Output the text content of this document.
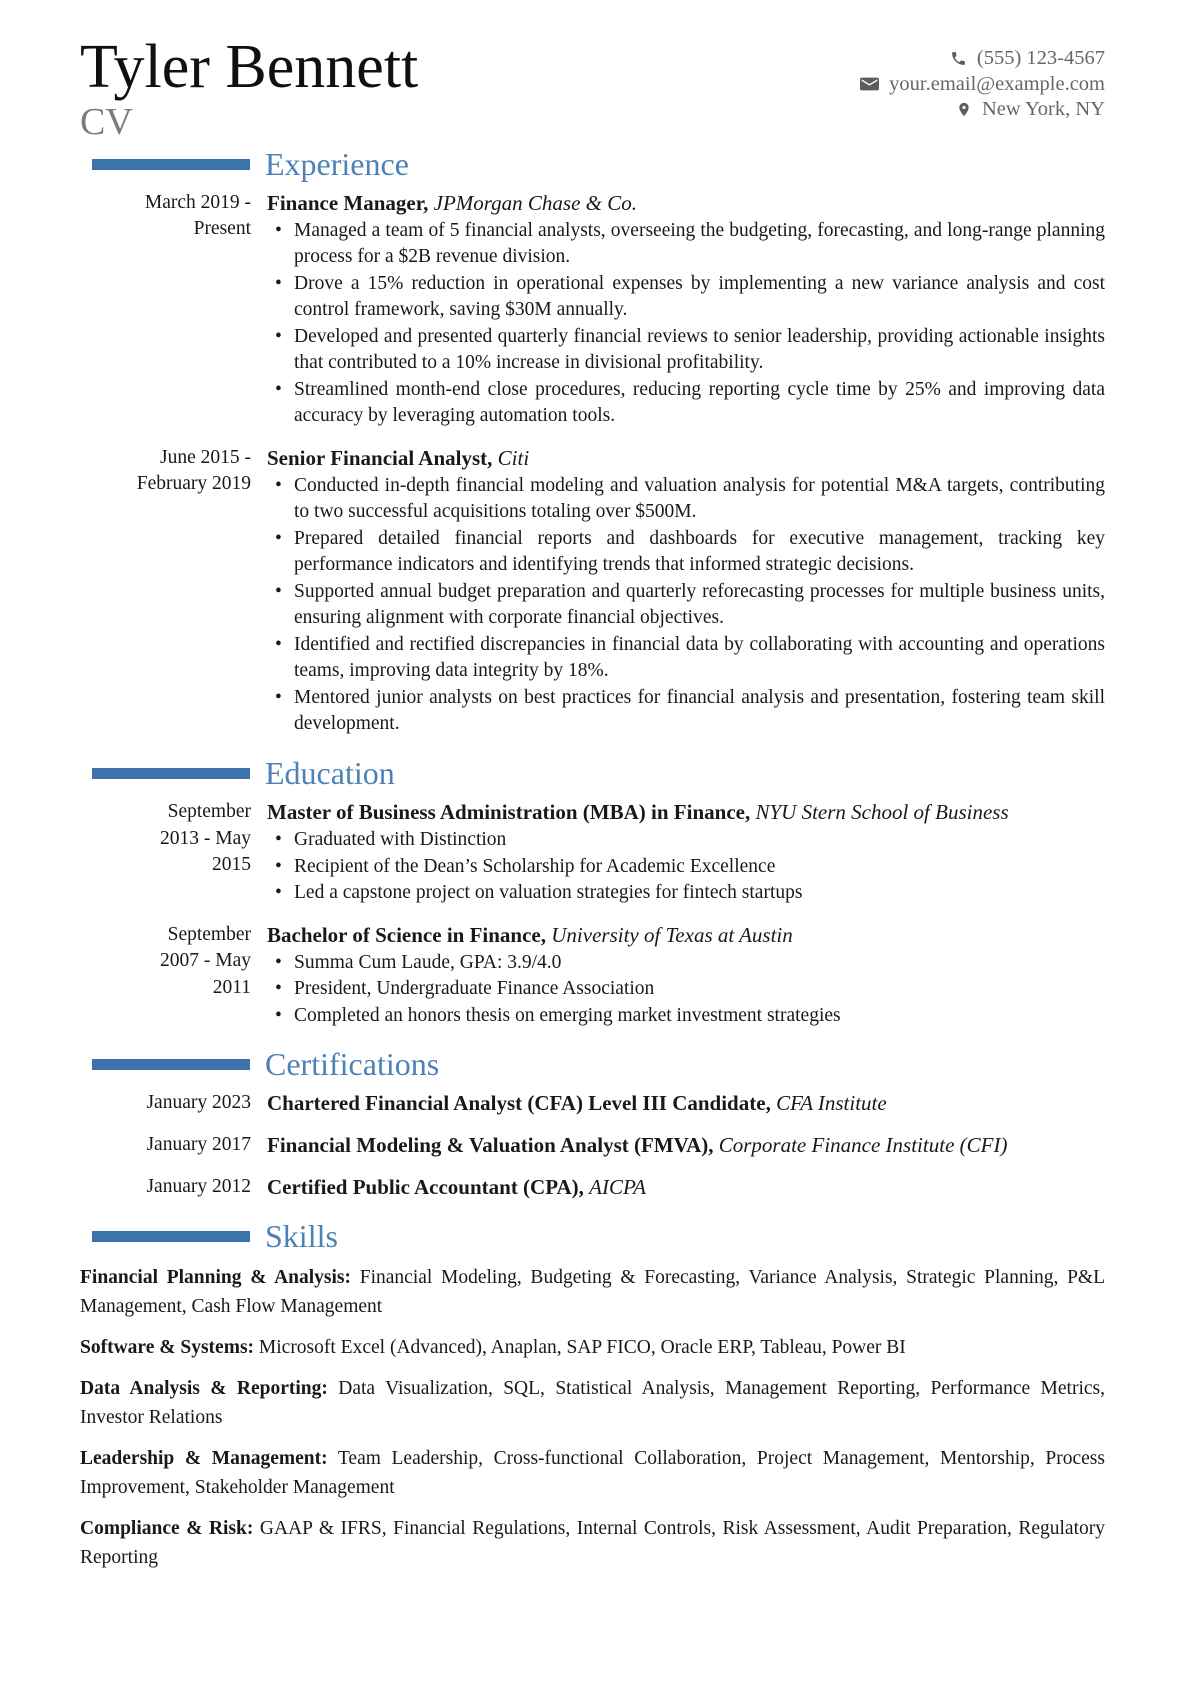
Tyler Bennett
CV
(555) 123-4567
your.email@example.com
New York, NY
Experience
March 2019 - Present

Finance Manager, JPMorgan Chase & Co.

• Managed a team of 5 financial analysts, overseeing the budgeting, forecasting, and long-range planning process for a $2B revenue division.
• Drove a 15% reduction in operational expenses by implementing a new variance analysis and cost control framework, saving $30M annually.
• Developed and presented quarterly financial reviews to senior leadership, providing actionable insights that contributed to a 10% increase in divisional profitability.
• Streamlined month-end close procedures, reducing reporting cycle time by 25% and improving data accuracy by leveraging automation tools.
June 2015 - February 2019

Senior Financial Analyst, Citi

• Conducted in-depth financial modeling and valuation analysis for potential M&A targets, contributing to two successful acquisitions totaling over $500M.
• Prepared detailed financial reports and dashboards for executive management, tracking key performance indicators and identifying trends that informed strategic decisions.
• Supported annual budget preparation and quarterly reforecasting processes for multiple business units, ensuring alignment with corporate financial objectives.
• Identified and rectified discrepancies in financial data by collaborating with accounting and operations teams, improving data integrity by 18%.
• Mentored junior analysts on best practices for financial analysis and presentation, fostering team skill development.
Education
September 2013 - May 2015

Master of Business Administration (MBA) in Finance, NYU Stern School of Business

• Graduated with Distinction
• Recipient of the Dean’s Scholarship for Academic Excellence
• Led a capstone project on valuation strategies for fintech startups
September 2007 - May 2011

Bachelor of Science in Finance, University of Texas at Austin

• Summa Cum Laude, GPA: 3.9/4.0
• President, Undergraduate Finance Association
• Completed an honors thesis on emerging market investment strategies
Certifications
January 2023 Chartered Financial Analyst (CFA) Level III Candidate, CFA Institute

January 2017 Financial Modeling & Valuation Analyst (FMVA), Corporate Finance Institute (CFI)

January 2012 Certified Public Accountant (CPA), AICPA

Skills

Financial Planning & Analysis: Financial Modeling, Budgeting & Forecasting, Variance Analysis, Strategic Planning, P&L Management, Cash Flow Management

Software & Systems: Microsoft Excel (Advanced), Anaplan, SAP FICO, Oracle ERP, Tableau, Power BI

Data Analysis & Reporting: Data Visualization, SQL, Statistical Analysis, Management Reporting, Performance Metrics, Investor Relations

Leadership & Management: Team Leadership, Cross-functional Collaboration, Project Management, Mentorship, Process Improvement, Stakeholder Management

Compliance & Risk: GAAP & IFRS, Financial Regulations, Internal Controls, Risk Assessment, Audit Preparation, Regulatory Reporting
